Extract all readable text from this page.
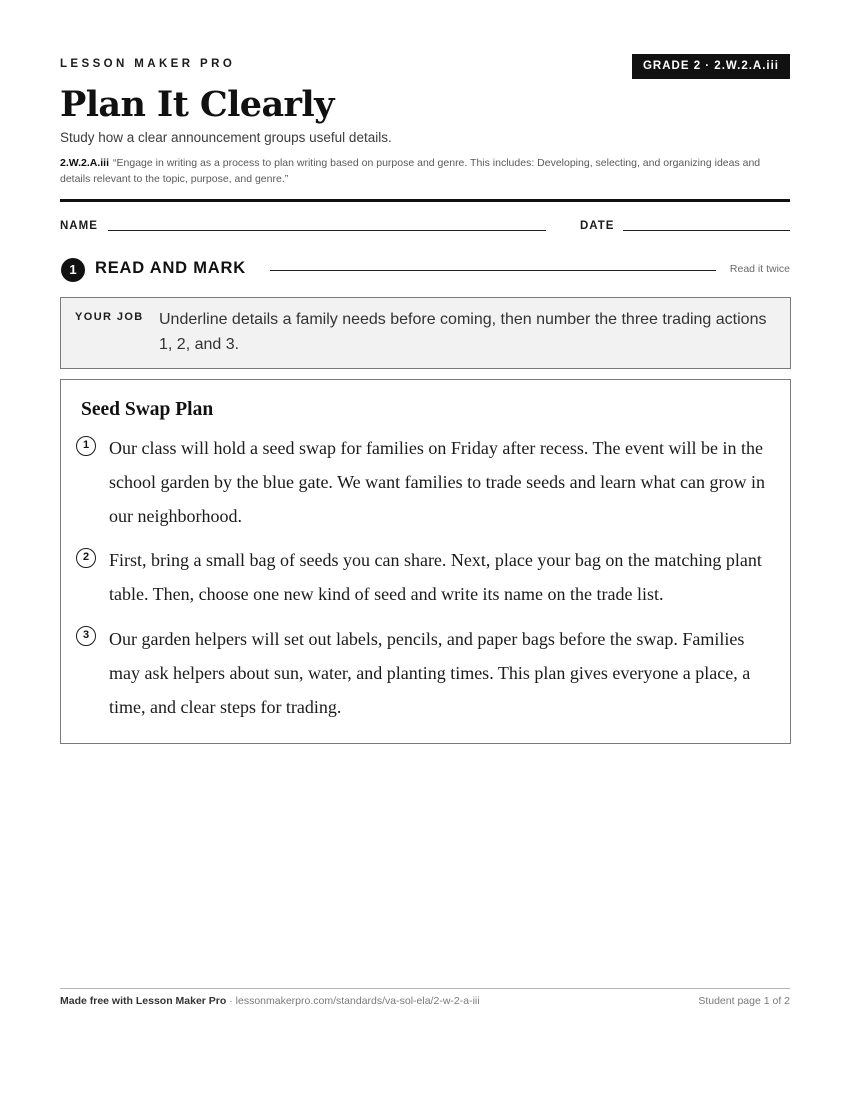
LESSON MAKER PRO	GRADE 2 · 2.W.2.A.iii
Plan It Clearly
Study how a clear announcement groups useful details.
2.W.2.A.iii “Engage in writing as a process to plan writing based on purpose and genre. This includes: Developing, selecting, and organizing ideas and details relevant to the topic, purpose, and genre.”
NAME	DATE
1	READ AND MARK	Read it twice
YOUR JOB Underline details a family needs before coming, then number the three trading actions 1, 2, and 3.
Seed Swap Plan
1	Our class will hold a seed swap for families on Friday after recess. The event will be in the school garden by the blue gate. We want families to trade seeds and learn what can grow in our neighborhood.
2	First, bring a small bag of seeds you can share. Next, place your bag on the matching plant table. Then, choose one new kind of seed and write its name on the trade list.
3	Our garden helpers will set out labels, pencils, and paper bags before the swap. Families may ask helpers about sun, water, and planting times. This plan gives everyone a place, a time, and clear steps for trading.
Made free with Lesson Maker Pro · lessonmakerpro.com/standards/va-sol-ela/2-w-2-a-iii	Student page 1 of 2
